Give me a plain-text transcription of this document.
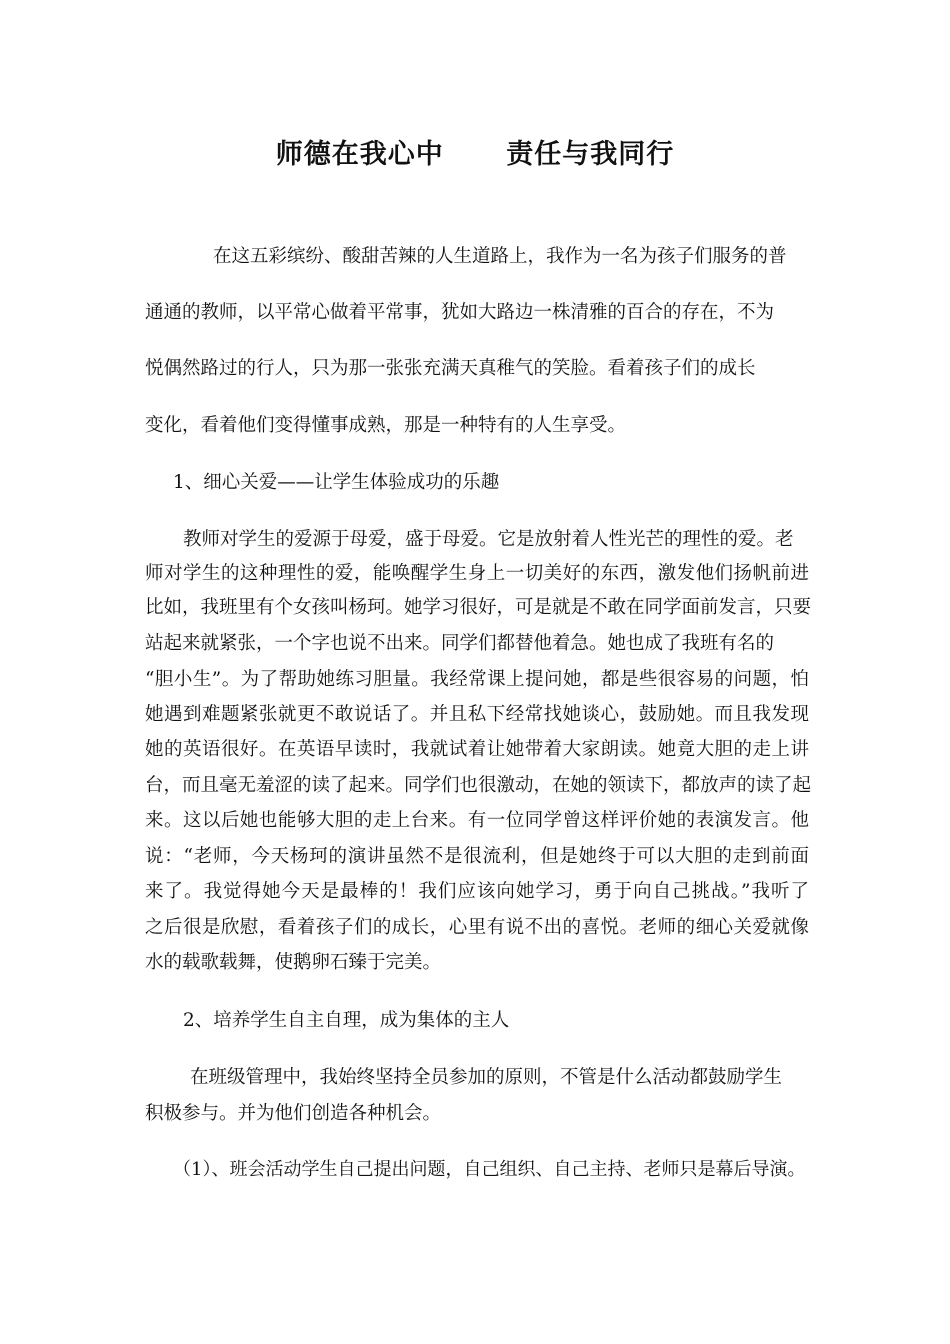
师德在我心中      责任与我同行
在这五彩缤纷、酸甜苦辣的人生道路上，我作为一名为孩子们服务的普
通通的教师，以平常心做着平常事，犹如大路边一株清雅的百合的存在，不为
悦偶然路过的行人，只为那一张张充满天真稚气的笑脸。看着孩子们的成长
变化，看着他们变得懂事成熟，那是一种特有的人生享受。
1、细心关爱——让学生体验成功的乐趣
教师对学生的爱源于母爱，盛于母爱。它是放射着人性光芒的理性的爱。老
师对学生的这种理性的爱，能唤醒学生身上一切美好的东西，激发他们扬帆前进
比如，我班里有个女孩叫杨珂。她学习很好，可是就是不敢在同学面前发言，只要
站起来就紧张，一个字也说不出来。同学们都替他着急。她也成了我班有名的
“胆小生”。为了帮助她练习胆量。我经常课上提问她，都是些很容易的问题，怕
她遇到难题紧张就更不敢说话了。并且私下经常找她谈心，鼓励她。而且我发现
她的英语很好。在英语早读时，我就试着让她带着大家朗读。她竟大胆的走上讲
台，而且毫无羞涩的读了起来。同学们也很激动，在她的领读下，都放声的读了起
来。这以后她也能够大胆的走上台来。有一位同学曾这样评价她的表演发言。他
说：“老师，今天杨珂的演讲虽然不是很流利，但是她终于可以大胆的走到前面
来了。我觉得她今天是最棒的！我们应该向她学习，勇于向自己挑战。”我听了
之后很是欣慰，看着孩子们的成长，心里有说不出的喜悦。老师的细心关爱就像
水的载歌载舞，使鹅卵石臻于完美。
2、培养学生自主自理，成为集体的主人
在班级管理中，我始终坚持全员参加的原则，不管是什么活动都鼓励学生
积极参与。并为他们创造各种机会。
（1）、班会活动学生自己提出问题，自己组织、自己主持、老师只是幕后导演。
